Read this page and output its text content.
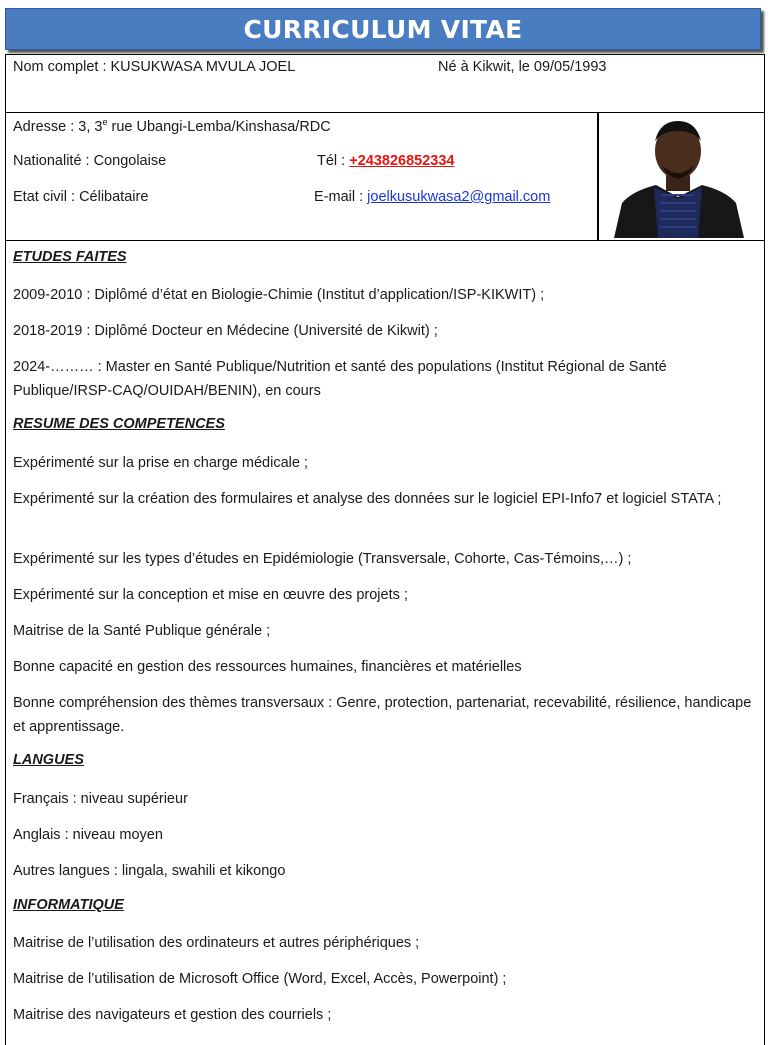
CURRICULUM VITAE
Nom complet : KUSUKWASA MVULA JOEL	Né à Kikwit, le 09/05/1993
Adresse : 3, 3e rue Ubangi-Lemba/Kinshasa/RDC
Nationalité : Congolaise	Tél : +243826852334
Etat civil : Célibataire	E-mail : joelkusukwasa2@gmail.com
ETUDES FAITES
2009-2010 : Diplômé d’état en Biologie-Chimie (Institut d’application/ISP-KIKWIT) ;
2018-2019 : Diplômé Docteur en Médecine (Université de Kikwit) ;
2024-……… : Master en Santé Publique/Nutrition et santé des populations (Institut Régional de Santé Publique/IRSP-CAQ/OUIDAH/BENIN), en cours
RESUME DES COMPETENCES
Expérimenté sur la prise en charge médicale ;
Expérimenté sur la création des formulaires et analyse des données sur le logiciel EPI-Info7 et logiciel STATA ;
Expérimenté sur les types d’études en Epidémiologie (Transversale, Cohorte, Cas-Témoins,…) ;
Expérimenté sur la conception et mise en œuvre des projets ;
Maitrise de la Santé Publique générale ;
Bonne capacité en gestion des ressources humaines, financières et matérielles
Bonne compréhension des thèmes transversaux : Genre, protection, partenariat, recevabilité, résilience, handicape et apprentissage.
LANGUES
Français : niveau supérieur
Anglais : niveau moyen
Autres langues : lingala, swahili et kikongo
INFORMATIQUE
Maitrise de l’utilisation des ordinateurs et autres périphériques ;
Maitrise de l’utilisation de Microsoft Office (Word, Excel, Accès, Powerpoint) ;
Maitrise des navigateurs et gestion des courriels ;
